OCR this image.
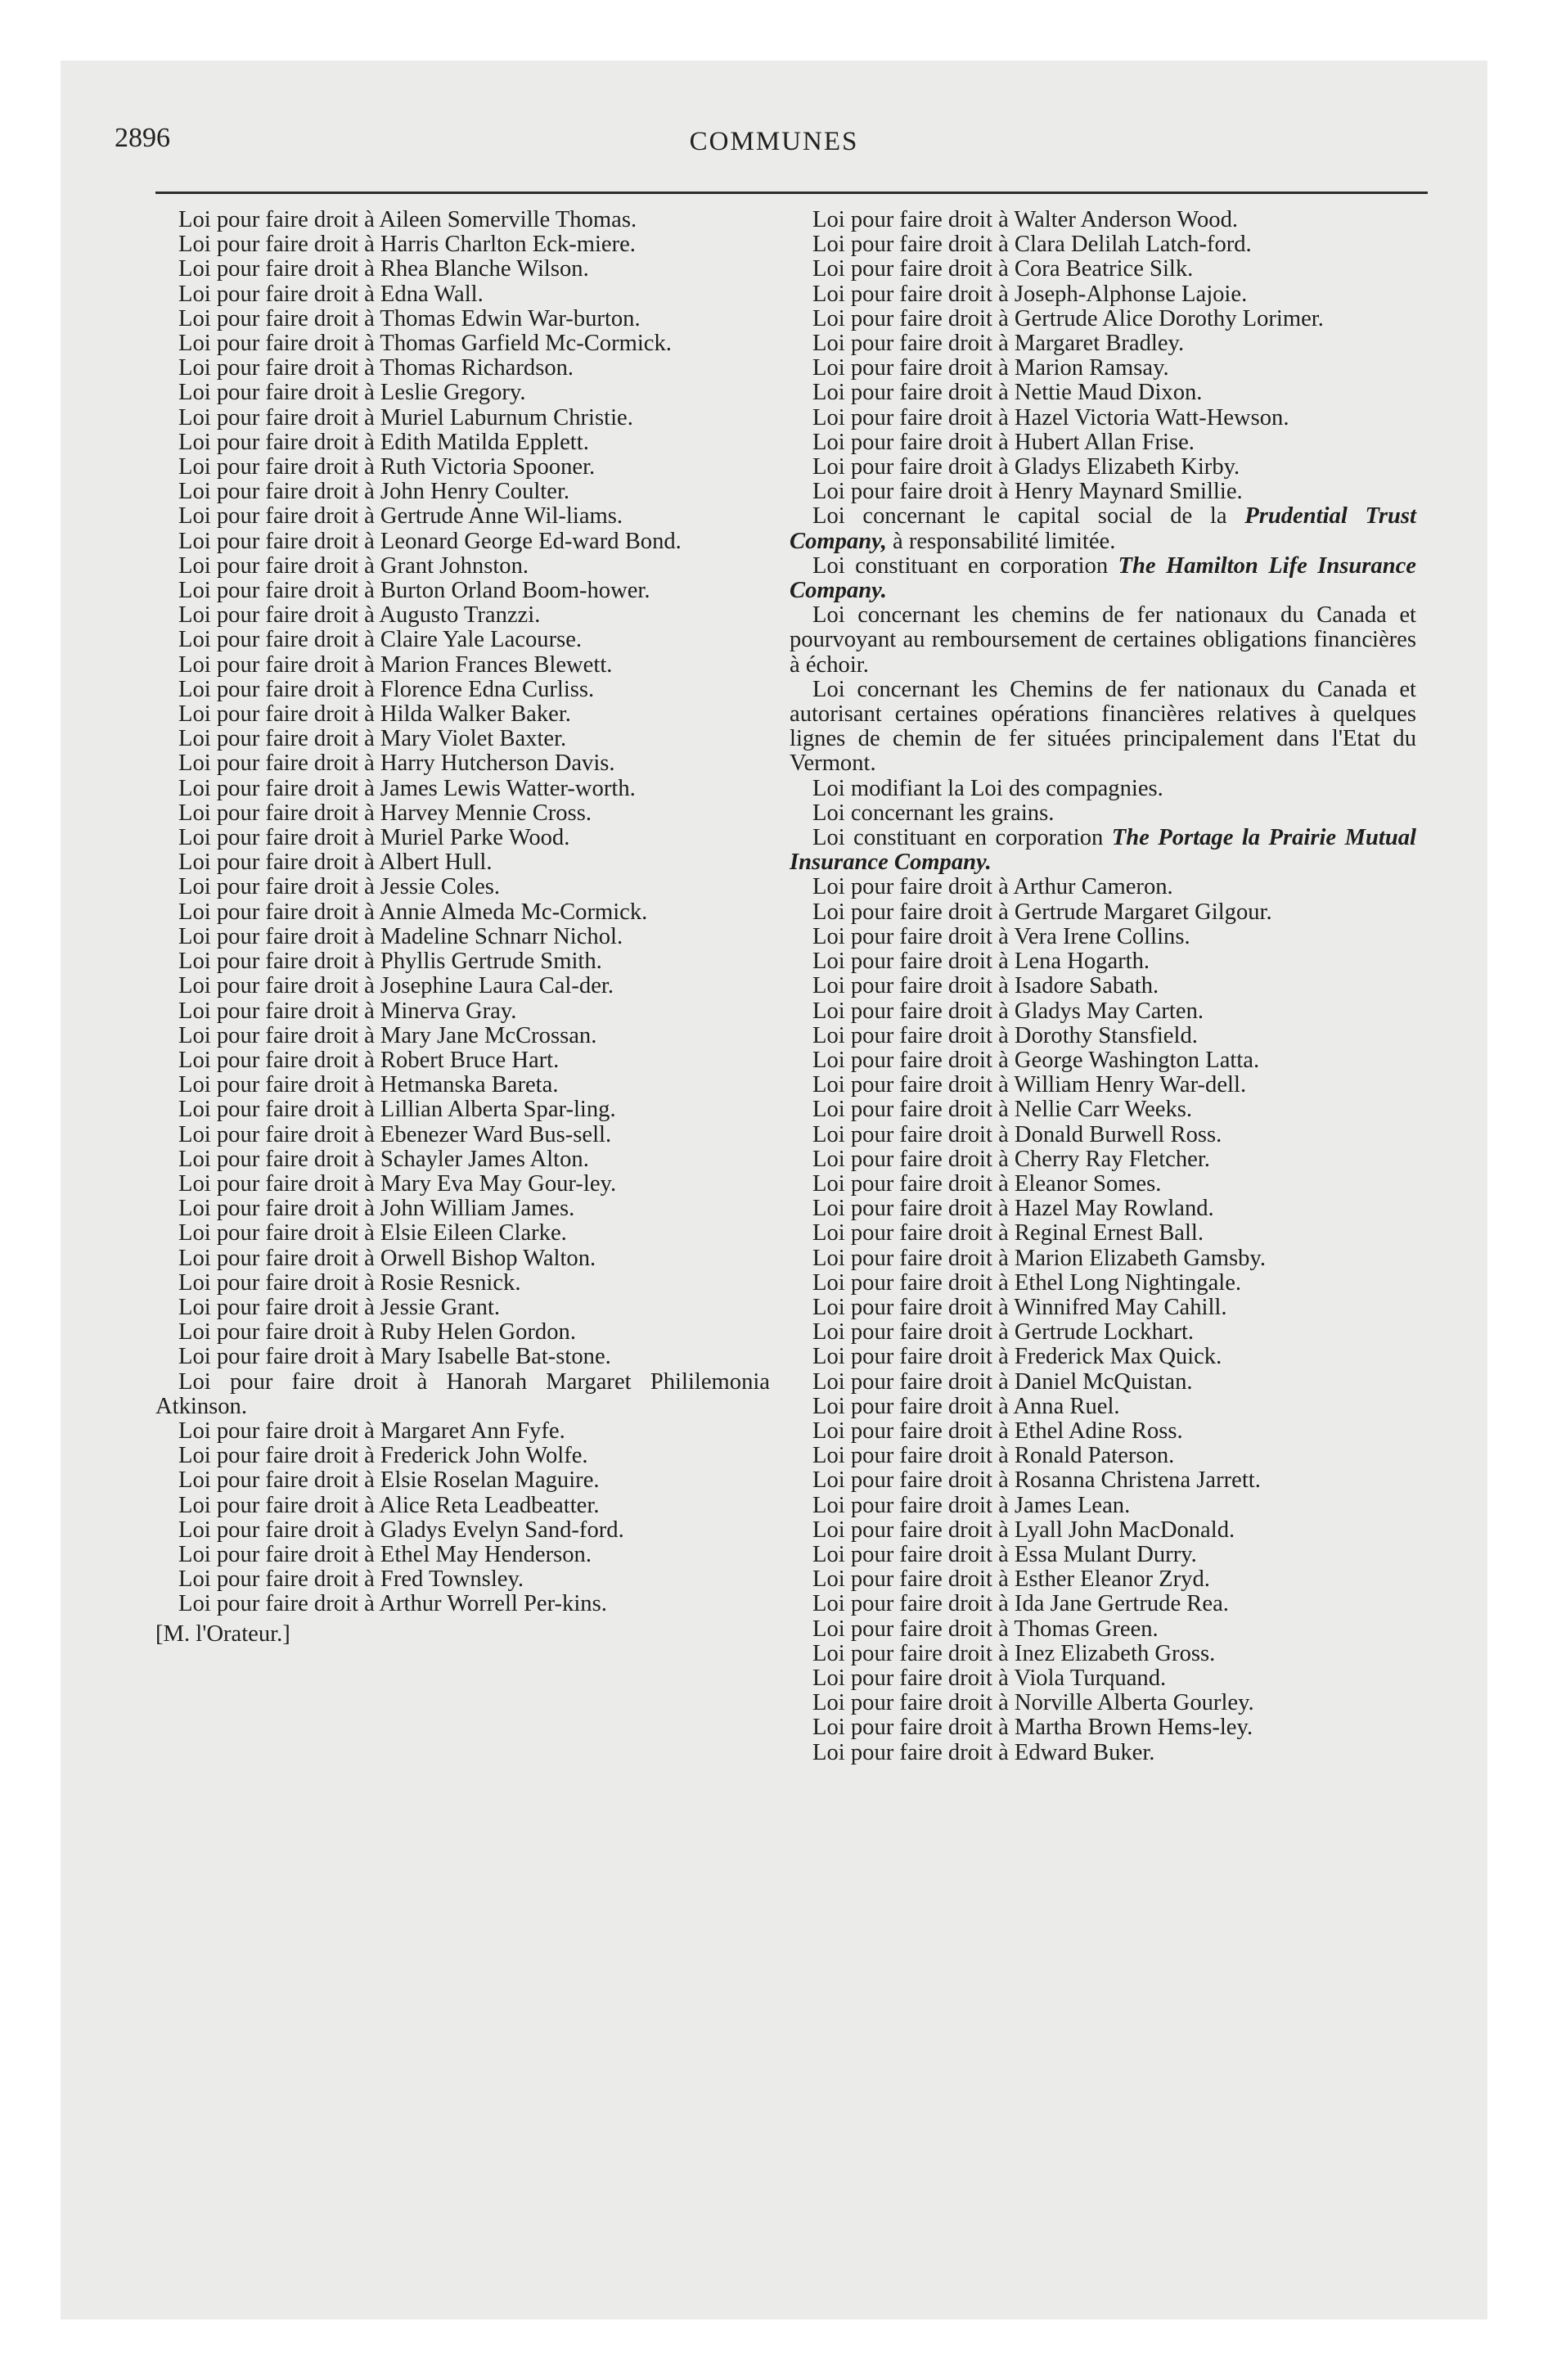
2896	COMMUNES

Loi pour faire droit à Aileen Somerville Thomas.

Loi pour faire droit à Harris Charlton Eck-miere.

Loi pour faire droit à Rhea Blanche Wilson.

Loi pour faire droit à Edna Wall.

Loi pour faire droit à Thomas Edwin War-burton.

Loi pour faire droit à Thomas Garfield Mc-Cormick.

Loi pour faire droit à Thomas Richardson.

Loi pour faire droit à Leslie Gregory.

Loi pour faire droit à Muriel Laburnum Christie.

Loi pour faire droit à Edith Matilda Epplett.

Loi pour faire droit à Ruth Victoria Spooner.

Loi pour faire droit à John Henry Coulter.

Loi pour faire droit à Gertrude Anne Wil-liams.

Loi pour faire droit à Leonard George Ed-ward Bond.

Loi pour faire droit à Grant Johnston.

Loi pour faire droit à Burton Orland Boom-hower.

Loi pour faire droit à Augusto Tranzzi.

Loi pour faire droit à Claire Yale Lacourse.

Loi pour faire droit à Marion Frances Blewett.

Loi pour faire droit à Florence Edna Curliss.

Loi pour faire droit à Hilda Walker Baker.

Loi pour faire droit à Mary Violet Baxter.

Loi pour faire droit à Harry Hutcherson Davis.

Loi pour faire droit à James Lewis Watter-worth.

Loi pour faire droit à Harvey Mennie Cross.

Loi pour faire droit à Muriel Parke Wood.

Loi pour faire droit à Albert Hull.

Loi pour faire droit à Jessie Coles.

Loi pour faire droit à Annie Almeda Mc-Cormick.

Loi pour faire droit à Madeline Schnarr Nichol.

Loi pour faire droit à Phyllis Gertrude Smith.

Loi pour faire droit à Josephine Laura Cal-der.

Loi pour faire droit à Minerva Gray.

Loi pour faire droit à Mary Jane McCrossan.

Loi pour faire droit à Robert Bruce Hart.

Loi pour faire droit à Hetmanska Bareta.

Loi pour faire droit à Lillian Alberta Spar-ling.

Loi pour faire droit à Ebenezer Ward Bus-sell.

Loi pour faire droit à Schayler James Alton.

Loi pour faire droit à Mary Eva May Gour-ley.

Loi pour faire droit à John William James.

Loi pour faire droit à Elsie Eileen Clarke.

Loi pour faire droit à Orwell Bishop Walton.

Loi pour faire droit à Rosie Resnick.

Loi pour faire droit à Jessie Grant.

Loi pour faire droit à Ruby Helen Gordon.

Loi pour faire droit à Mary Isabelle Bat-stone.

Loi pour faire droit à Hanorah Margaret Phililemonia Atkinson.

Loi pour faire droit à Margaret Ann Fyfe.

Loi pour faire droit à Frederick John Wolfe.

Loi pour faire droit à Elsie Roselan Maguire.

Loi pour faire droit à Alice Reta Leadbeatter.

Loi pour faire droit à Gladys Evelyn Sand-ford.

Loi pour faire droit à Ethel May Henderson.

Loi pour faire droit à Fred Townsley.

Loi pour faire droit à Arthur Worrell Per-kins.

[M. l'Orateur.]

Loi pour faire droit à Walter Anderson Wood.

Loi pour faire droit à Clara Delilah Latch-ford.

Loi pour faire droit à Cora Beatrice Silk.

Loi pour faire droit à Joseph-Alphonse Lajoie.

Loi pour faire droit à Gertrude Alice Dorothy Lorimer.

Loi pour faire droit à Margaret Bradley.

Loi pour faire droit à Marion Ramsay.

Loi pour faire droit à Nettie Maud Dixon.

Loi pour faire droit à Hazel Victoria Watt-Hewson.

Loi pour faire droit à Hubert Allan Frise.

Loi pour faire droit à Gladys Elizabeth Kirby.

Loi pour faire droit à Henry Maynard Smillie.

Loi concernant le capital social de la Prudential Trust Company, à responsabilité limitée.

Loi constituant en corporation The Hamilton Life Insurance Company.

Loi concernant les chemins de fer nationaux du Canada et pourvoyant au remboursement de certaines obligations financières à échoir.

Loi concernant les Chemins de fer nationaux du Canada et autorisant certaines opérations financières relatives à quelques lignes de chemin de fer situées principalement dans l'Etat du Vermont.

Loi modifiant la Loi des compagnies.

Loi concernant les grains.

Loi constituant en corporation The Portage la Prairie Mutual Insurance Company.

Loi pour faire droit à Arthur Cameron.

Loi pour faire droit à Gertrude Margaret Gilgour.

Loi pour faire droit à Vera Irene Collins.

Loi pour faire droit à Lena Hogarth.

Loi pour faire droit à Isadore Sabath.

Loi pour faire droit à Gladys May Carten.

Loi pour faire droit à Dorothy Stansfield.

Loi pour faire droit à George Washington Latta.

Loi pour faire droit à William Henry War-dell.

Loi pour faire droit à Nellie Carr Weeks.

Loi pour faire droit à Donald Burwell Ross.

Loi pour faire droit à Cherry Ray Fletcher.

Loi pour faire droit à Eleanor Somes.

Loi pour faire droit à Hazel May Rowland.

Loi pour faire droit à Reginal Ernest Ball.

Loi pour faire droit à Marion Elizabeth Gamsby.

Loi pour faire droit à Ethel Long Nightingale.

Loi pour faire droit à Winnifred May Cahill.

Loi pour faire droit à Gertrude Lockhart.

Loi pour faire droit à Frederick Max Quick.

Loi pour faire droit à Daniel McQuistan.

Loi pour faire droit à Anna Ruel.

Loi pour faire droit à Ethel Adine Ross.

Loi pour faire droit à Ronald Paterson.

Loi pour faire droit à Rosanna Christena Jarrett.

Loi pour faire droit à James Lean.

Loi pour faire droit à Lyall John MacDonald.

Loi pour faire droit à Essa Mulant Durry.

Loi pour faire droit à Esther Eleanor Zryd.

Loi pour faire droit à Ida Jane Gertrude Rea.

Loi pour faire droit à Thomas Green.

Loi pour faire droit à Inez Elizabeth Gross.

Loi pour faire droit à Viola Turquand.

Loi pour faire droit à Norville Alberta Gourley.

Loi pour faire droit à Martha Brown Hems-ley.

Loi pour faire droit à Edward Buker.
